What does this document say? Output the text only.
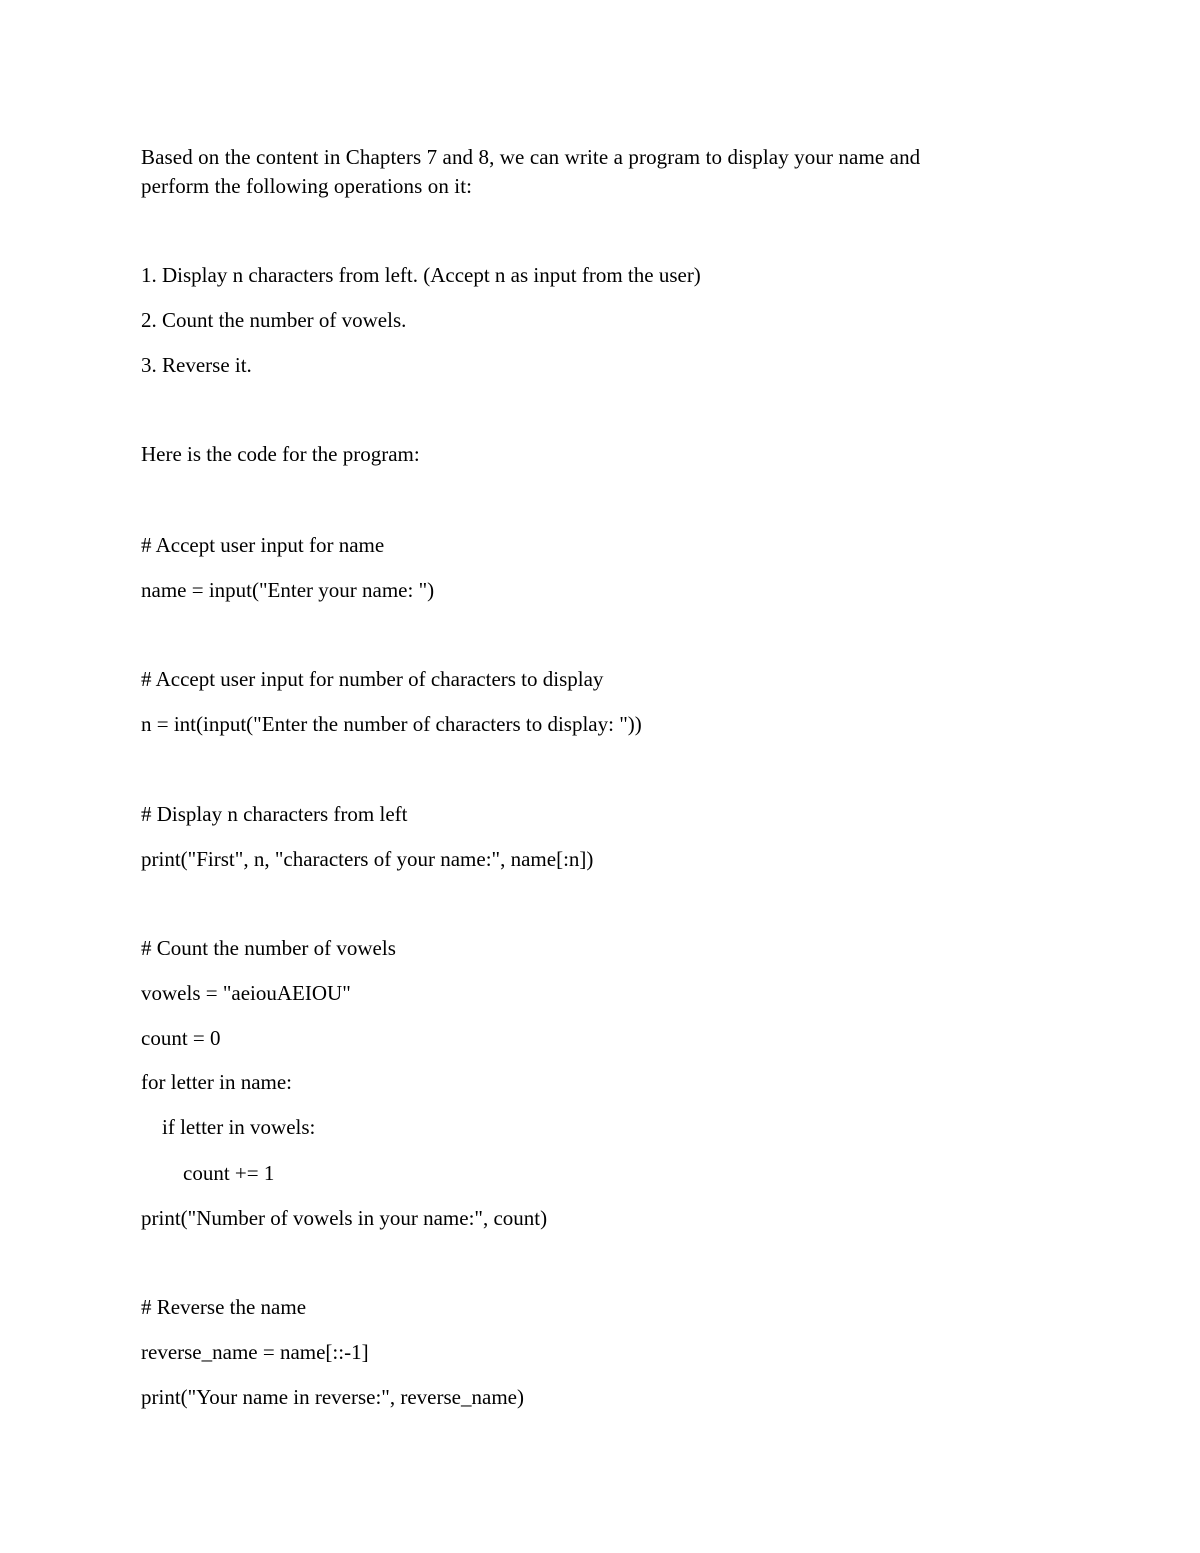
Based on the content in Chapters 7 and 8, we can write a program to display your name and

perform the following operations on it:

1. Display n characters from left. (Accept n as input from the user)

2. Count the number of vowels.

3. Reverse it.

Here is the code for the program:

# Accept user input for name

name = input("Enter your name: ")

# Accept user input for number of characters to display

n = int(input("Enter the number of characters to display: "))

# Display n characters from left

print("First", n, "characters of your name:", name[:n])

# Count the number of vowels

vowels = "aeiouAEIOU"

count = 0

for letter in name:

if letter in vowels:

count += 1

print("Number of vowels in your name:", count)

# Reverse the name

reverse_name = name[::-1]

print("Your name in reverse:", reverse_name)
